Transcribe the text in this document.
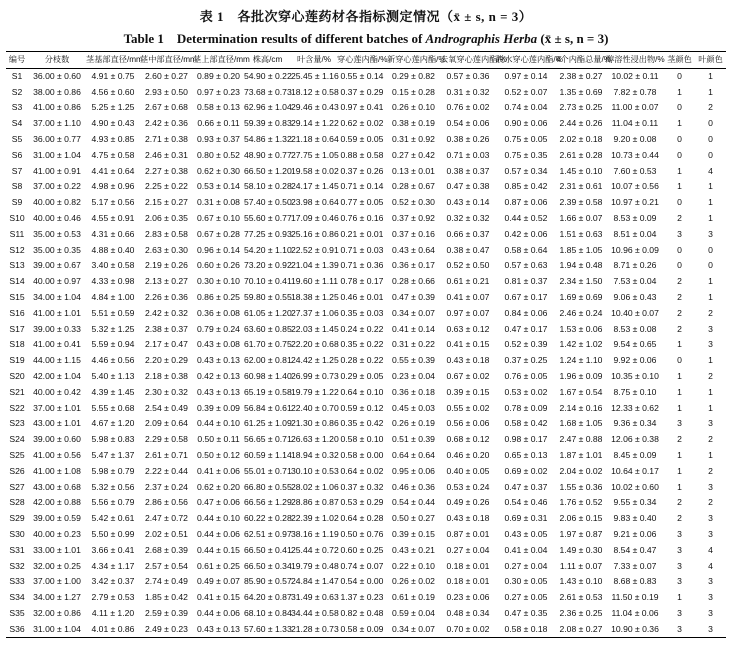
表 1　各批次穿心莲药材各指标测定情况（x̄ ± s, n = 3）
Table 1　Determination results of different batches of Andrographis Herba (x̄ ± s, n = 3)
编号	分枝数	茎基部直径/mm	茎中部直径/mm	茎上部直径/mm	株高/cm	叶含量/%	穿心莲内酯/%	新穿心莲内酯/%	去氧穿心莲内酯/%	脱水穿心莲内酯/%	4个内酯总量/%	醇溶性浸出物/%	茎颜色	叶颜色
S1	36.00 ± 0.60	4.91 ± 0.75	2.60 ± 0.27	0.89 ± 0.20	54.90 ± 0.22	25.45 ± 1.16	0.55 ± 0.14	0.29 ± 0.82	0.57 ± 0.36	0.97 ± 0.14	2.38 ± 0.27	10.02 ± 0.11	0	1
S2	38.00 ± 0.86	4.56 ± 0.60	2.93 ± 0.50	0.97 ± 0.23	73.68 ± 0.73	18.12 ± 0.58	0.37 ± 0.29	0.15 ± 0.28	0.31 ± 0.32	0.52 ± 0.07	1.35 ± 0.69	7.82 ± 0.78	1	1
S3	41.00 ± 0.86	5.25 ± 1.25	2.67 ± 0.68	0.58 ± 0.13	62.96 ± 1.04	29.46 ± 0.43	0.97 ± 0.41	0.26 ± 0.10	0.76 ± 0.02	0.74 ± 0.04	2.73 ± 0.25	11.00 ± 0.07	0	2
S4	37.00 ± 1.10	4.90 ± 0.43	2.42 ± 0.36	0.66 ± 0.11	59.39 ± 0.83	29.14 ± 1.22	0.62 ± 0.02	0.38 ± 0.19	0.54 ± 0.06	0.90 ± 0.06	2.44 ± 0.26	11.04 ± 0.11	1	0
S5	36.00 ± 0.77	4.93 ± 0.85	2.71 ± 0.38	0.93 ± 0.37	54.86 ± 1.32	21.18 ± 0.64	0.59 ± 0.05	0.31 ± 0.92	0.38 ± 0.26	0.75 ± 0.05	2.02 ± 0.18	9.20 ± 0.08	0	0
S6	31.00 ± 1.04	4.75 ± 0.58	2.46 ± 0.31	0.80 ± 0.52	48.90 ± 0.77	27.75 ± 1.05	0.88 ± 0.58	0.27 ± 0.42	0.71 ± 0.03	0.75 ± 0.35	2.61 ± 0.28	10.73 ± 0.44	0	0
S7	41.00 ± 0.91	4.41 ± 0.64	2.27 ± 0.38	0.62 ± 0.30	66.50 ± 1.20	19.58 ± 0.02	0.37 ± 0.26	0.13 ± 0.01	0.38 ± 0.37	0.57 ± 0.34	1.45 ± 0.10	7.60 ± 0.53	1	4
S8	37.00 ± 0.22	4.98 ± 0.96	2.25 ± 0.22	0.53 ± 0.14	58.10 ± 0.28	24.17 ± 1.45	0.71 ± 0.14	0.28 ± 0.67	0.47 ± 0.38	0.85 ± 0.42	2.31 ± 0.61	10.07 ± 0.56	1	1
S9	40.00 ± 0.82	5.17 ± 0.56	2.15 ± 0.27	0.31 ± 0.08	57.40 ± 0.50	23.98 ± 0.64	0.77 ± 0.05	0.52 ± 0.30	0.43 ± 0.14	0.87 ± 0.06	2.39 ± 0.58	10.97 ± 0.21	0	1
S10	40.00 ± 0.46	4.55 ± 0.91	2.06 ± 0.35	0.67 ± 0.10	55.60 ± 0.77	17.09 ± 0.46	0.76 ± 0.16	0.37 ± 0.92	0.32 ± 0.32	0.44 ± 0.52	1.66 ± 0.07	8.53 ± 0.09	2	1
S11	35.00 ± 0.53	4.31 ± 0.66	2.83 ± 0.58	0.67 ± 0.28	77.25 ± 0.93	25.16 ± 0.86	0.21 ± 0.01	0.37 ± 0.16	0.66 ± 0.37	0.42 ± 0.06	1.51 ± 0.63	8.51 ± 0.04	3	3
S12	35.00 ± 0.35	4.88 ± 0.40	2.63 ± 0.30	0.96 ± 0.14	54.20 ± 1.10	22.52 ± 0.91	0.71 ± 0.03	0.43 ± 0.64	0.38 ± 0.47	0.58 ± 0.64	1.85 ± 1.05	10.96 ± 0.09	0	0
S13	39.00 ± 0.67	3.40 ± 0.58	2.19 ± 0.26	0.60 ± 0.26	73.20 ± 0.92	21.04 ± 1.39	0.71 ± 0.36	0.36 ± 0.17	0.52 ± 0.50	0.57 ± 0.63	1.94 ± 0.48	8.71 ± 0.26	0	0
S14	40.00 ± 0.97	4.33 ± 0.98	2.13 ± 0.27	0.30 ± 0.10	70.10 ± 0.41	19.60 ± 1.11	0.78 ± 0.17	0.28 ± 0.66	0.61 ± 0.21	0.81 ± 0.37	2.34 ± 1.50	7.53 ± 0.04	2	1
S15	34.00 ± 1.04	4.84 ± 1.00	2.26 ± 0.36	0.86 ± 0.25	59.80 ± 0.55	18.38 ± 1.25	0.46 ± 0.01	0.47 ± 0.39	0.41 ± 0.07	0.67 ± 0.17	1.69 ± 0.69	9.06 ± 0.43	2	1
S16	41.00 ± 1.01	5.51 ± 0.59	2.42 ± 0.32	0.36 ± 0.08	61.05 ± 1.20	27.37 ± 1.06	0.35 ± 0.03	0.34 ± 0.07	0.97 ± 0.07	0.84 ± 0.06	2.46 ± 0.24	10.40 ± 0.07	2	2
S17	39.00 ± 0.33	5.32 ± 1.25	2.38 ± 0.37	0.79 ± 0.24	63.60 ± 0.85	22.03 ± 1.45	0.24 ± 0.22	0.41 ± 0.14	0.63 ± 0.12	0.47 ± 0.17	1.53 ± 0.06	8.53 ± 0.08	2	3
S18	41.00 ± 0.41	5.59 ± 0.94	2.17 ± 0.47	0.43 ± 0.08	61.70 ± 0.75	22.20 ± 0.68	0.35 ± 0.22	0.31 ± 0.22	0.41 ± 0.15	0.52 ± 0.39	1.42 ± 1.02	9.54 ± 0.65	1	3
S19	44.00 ± 1.15	4.46 ± 0.56	2.20 ± 0.29	0.43 ± 0.13	62.00 ± 0.81	24.42 ± 1.25	0.28 ± 0.22	0.55 ± 0.39	0.43 ± 0.18	0.37 ± 0.25	1.24 ± 1.10	9.92 ± 0.06	0	1
S20	42.00 ± 1.04	5.40 ± 1.13	2.18 ± 0.38	0.42 ± 0.13	60.98 ± 1.40	26.99 ± 0.73	0.29 ± 0.05	0.23 ± 0.04	0.67 ± 0.02	0.76 ± 0.05	1.96 ± 0.09	10.35 ± 0.10	1	2
S21	40.00 ± 0.42	4.39 ± 1.45	2.30 ± 0.32	0.43 ± 0.13	65.19 ± 0.58	19.79 ± 1.22	0.64 ± 0.10	0.36 ± 0.18	0.39 ± 0.15	0.53 ± 0.02	1.67 ± 0.54	8.75 ± 0.10	1	1
S22	37.00 ± 1.01	5.55 ± 0.68	2.54 ± 0.49	0.39 ± 0.09	56.84 ± 0.61	22.40 ± 0.70	0.59 ± 0.12	0.45 ± 0.03	0.55 ± 0.02	0.78 ± 0.09	2.14 ± 0.16	12.33 ± 0.62	1	1
S23	43.00 ± 1.01	4.67 ± 1.20	2.09 ± 0.64	0.44 ± 0.10	61.25 ± 1.09	21.30 ± 0.86	0.35 ± 0.42	0.26 ± 0.19	0.56 ± 0.06	0.58 ± 0.42	1.68 ± 1.05	9.36 ± 0.34	3	3
S24	39.00 ± 0.60	5.98 ± 0.83	2.29 ± 0.58	0.50 ± 0.11	56.65 ± 0.71	26.63 ± 1.20	0.58 ± 0.10	0.51 ± 0.39	0.68 ± 0.12	0.98 ± 0.17	2.47 ± 0.88	12.06 ± 0.38	2	2
S25	41.00 ± 0.56	5.47 ± 1.37	2.61 ± 0.71	0.50 ± 0.12	60.59 ± 1.14	18.94 ± 0.32	0.58 ± 0.00	0.64 ± 0.64	0.46 ± 0.20	0.65 ± 0.13	1.87 ± 1.01	8.45 ± 0.09	1	1
S26	41.00 ± 1.08	5.98 ± 0.79	2.22 ± 0.44	0.41 ± 0.06	55.01 ± 0.71	30.10 ± 0.53	0.64 ± 0.02	0.95 ± 0.06	0.40 ± 0.05	0.69 ± 0.02	2.04 ± 0.02	10.64 ± 0.17	1	2
S27	43.00 ± 0.68	5.32 ± 0.56	2.37 ± 0.24	0.62 ± 0.20	66.80 ± 0.55	28.02 ± 1.06	0.37 ± 0.32	0.46 ± 0.36	0.53 ± 0.24	0.47 ± 0.37	1.55 ± 0.36	10.02 ± 0.60	1	3
S28	42.00 ± 0.88	5.56 ± 0.79	2.86 ± 0.56	0.47 ± 0.06	66.56 ± 1.29	28.86 ± 0.87	0.53 ± 0.29	0.54 ± 0.44	0.49 ± 0.26	0.54 ± 0.46	1.76 ± 0.52	9.55 ± 0.34	2	2
S29	39.00 ± 0.59	5.42 ± 0.61	2.47 ± 0.72	0.44 ± 0.10	60.22 ± 0.28	22.39 ± 1.02	0.64 ± 0.28	0.50 ± 0.27	0.43 ± 0.18	0.69 ± 0.31	2.06 ± 0.15	9.83 ± 0.40	2	3
S30	40.00 ± 0.23	5.50 ± 0.99	2.02 ± 0.51	0.44 ± 0.06	62.51 ± 0.97	38.16 ± 1.19	0.50 ± 0.76	0.39 ± 0.15	0.87 ± 0.01	0.43 ± 0.05	1.97 ± 0.87	9.21 ± 0.06	3	3
S31	33.00 ± 1.01	3.66 ± 0.41	2.68 ± 0.39	0.44 ± 0.15	66.50 ± 0.41	25.44 ± 0.72	0.60 ± 0.25	0.43 ± 0.21	0.27 ± 0.04	0.41 ± 0.04	1.49 ± 0.30	8.54 ± 0.47	3	4
S32	32.00 ± 0.25	4.34 ± 1.17	2.57 ± 0.54	0.61 ± 0.25	66.50 ± 0.34	19.79 ± 0.48	0.74 ± 0.07	0.22 ± 0.10	0.18 ± 0.01	0.27 ± 0.04	1.11 ± 0.07	7.33 ± 0.07	3	4
S33	37.00 ± 1.00	3.42 ± 0.37	2.74 ± 0.49	0.49 ± 0.07	85.90 ± 0.57	24.84 ± 1.47	0.54 ± 0.00	0.26 ± 0.02	0.18 ± 0.01	0.30 ± 0.05	1.43 ± 0.10	8.68 ± 0.83	3	3
S34	34.00 ± 1.27	2.79 ± 0.53	1.85 ± 0.42	0.41 ± 0.15	64.20 ± 0.87	31.49 ± 0.63	1.37 ± 0.23	0.61 ± 0.19	0.23 ± 0.06	0.27 ± 0.05	2.61 ± 0.53	11.50 ± 0.19	1	3
S35	32.00 ± 0.86	4.11 ± 1.20	2.59 ± 0.39	0.44 ± 0.06	68.10 ± 0.84	34.44 ± 0.58	0.82 ± 0.48	0.59 ± 0.04	0.48 ± 0.34	0.47 ± 0.35	2.36 ± 0.25	11.04 ± 0.06	3	3
S36	31.00 ± 1.04	4.01 ± 0.86	2.49 ± 0.23	0.43 ± 0.13	57.60 ± 1.33	21.28 ± 0.73	0.58 ± 0.09	0.34 ± 0.07	0.70 ± 0.02	0.58 ± 0.18	2.08 ± 0.27	10.90 ± 0.36	3	3
